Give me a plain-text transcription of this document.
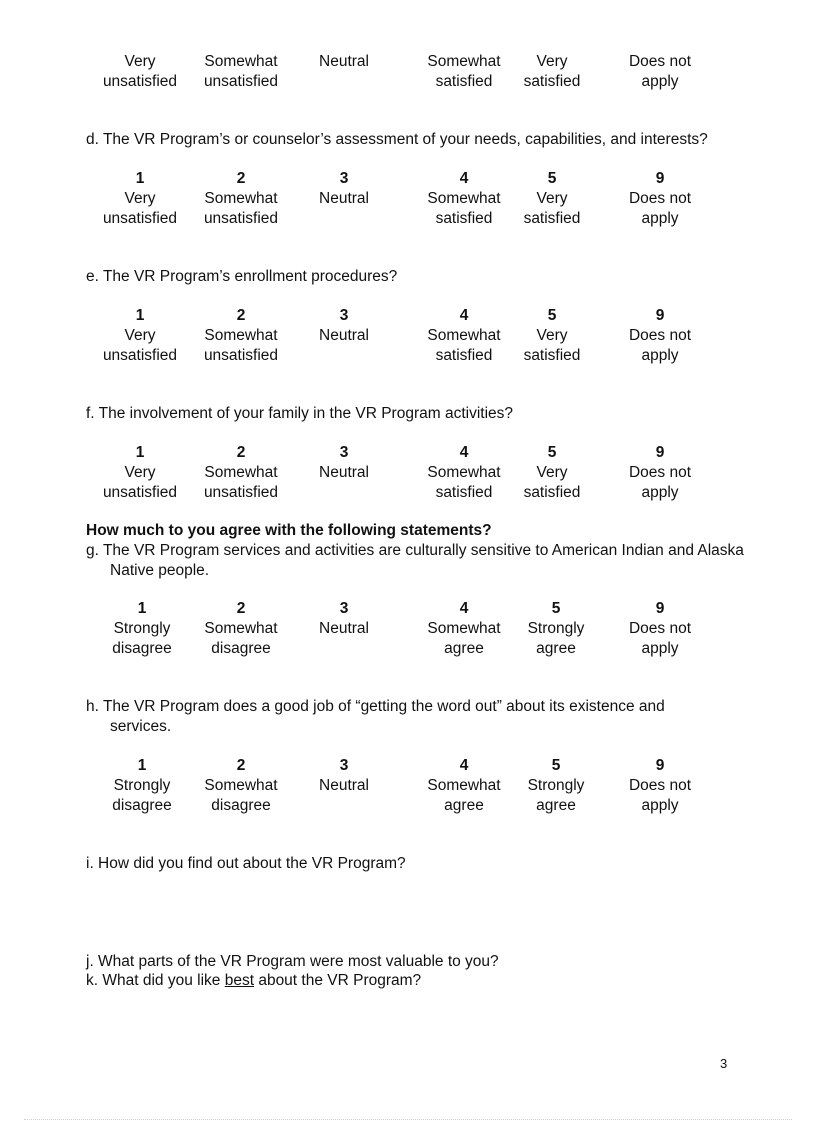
Very
unsatisfied
Somewhat
unsatisfied
Neutral	Somewhat
satisfied
Very
satisfied
Does not
apply
d. The VR Program’s or counselor’s assessment of your needs, capabilities, and interests?
1
Very
unsatisfied
2
Somewhat
unsatisfied
3
Neutral
4
Somewhat
satisfied
5
Very
satisfied
9
Does not
apply
e. The VR Program’s enrollment procedures?
1
Very
unsatisfied
2
Somewhat
unsatisfied
3
Neutral
4
Somewhat
satisfied
5
Very
satisfied
9
Does not
apply
f. The involvement of your family in the VR Program activities?
1
Very
unsatisfied
2
Somewhat
unsatisfied
3
Neutral
4
Somewhat
satisfied
5
Very
satisfied
9
Does not
apply
How much to you agree with the following statements?
g. The VR Program services and activities are culturally sensitive to American Indian and Alaska Native people.
1
Strongly
disagree
2
Somewhat
disagree
3
Neutral
4
Somewhat
agree
5
Strongly
agree
9
Does not
apply
h. The VR Program does a good job of “getting the word out” about its existence and services.
1
Strongly
disagree
2
Somewhat
disagree
3
Neutral
4
Somewhat
agree
5
Strongly
agree
9
Does not
apply
i. How did you find out about the VR Program?
j. What parts of the VR Program were most valuable to you?
k. What did you like best about the VR Program?
3
